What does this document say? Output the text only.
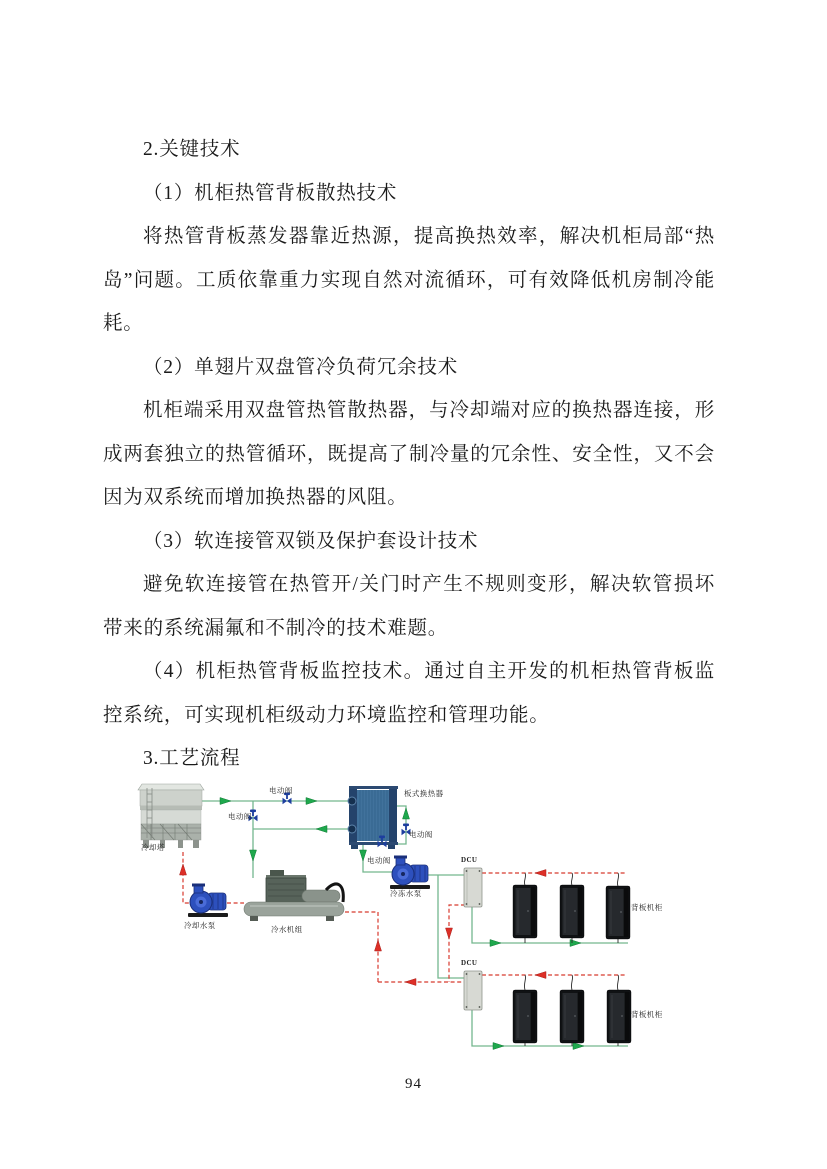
2.关键技术

（1）机柜热管背板散热技术

将热管背板蒸发器靠近热源，提高换热效率，解决机柜局部“热岛”问题。工质依靠重力实现自然对流循环，可有效降低机房制冷能耗。

（2）单翅片双盘管冷负荷冗余技术

机柜端采用双盘管热管散热器，与冷却端对应的换热器连接，形成两套独立的热管循环，既提高了制冷量的冗余性、安全性，又不会因为双系统而增加换热器的风阻。

（3）软连接管双锁及保护套设计技术

避免软连接管在热管开/关门时产生不规则变形，解决软管损坏带来的系统漏氟和不制冷的技术难题。

（4）机柜热管背板监控技术。通过自主开发的机柜热管背板监控系统，可实现机柜级动力环境监控和管理功能。

3.工艺流程

冷却塔
电动阀
电动阀
板式换热器
电动阀
电动阀
冷冻水泵
DCU
背板机柜
冷却水泵	冷水机组
DCU
背板机柜
94
